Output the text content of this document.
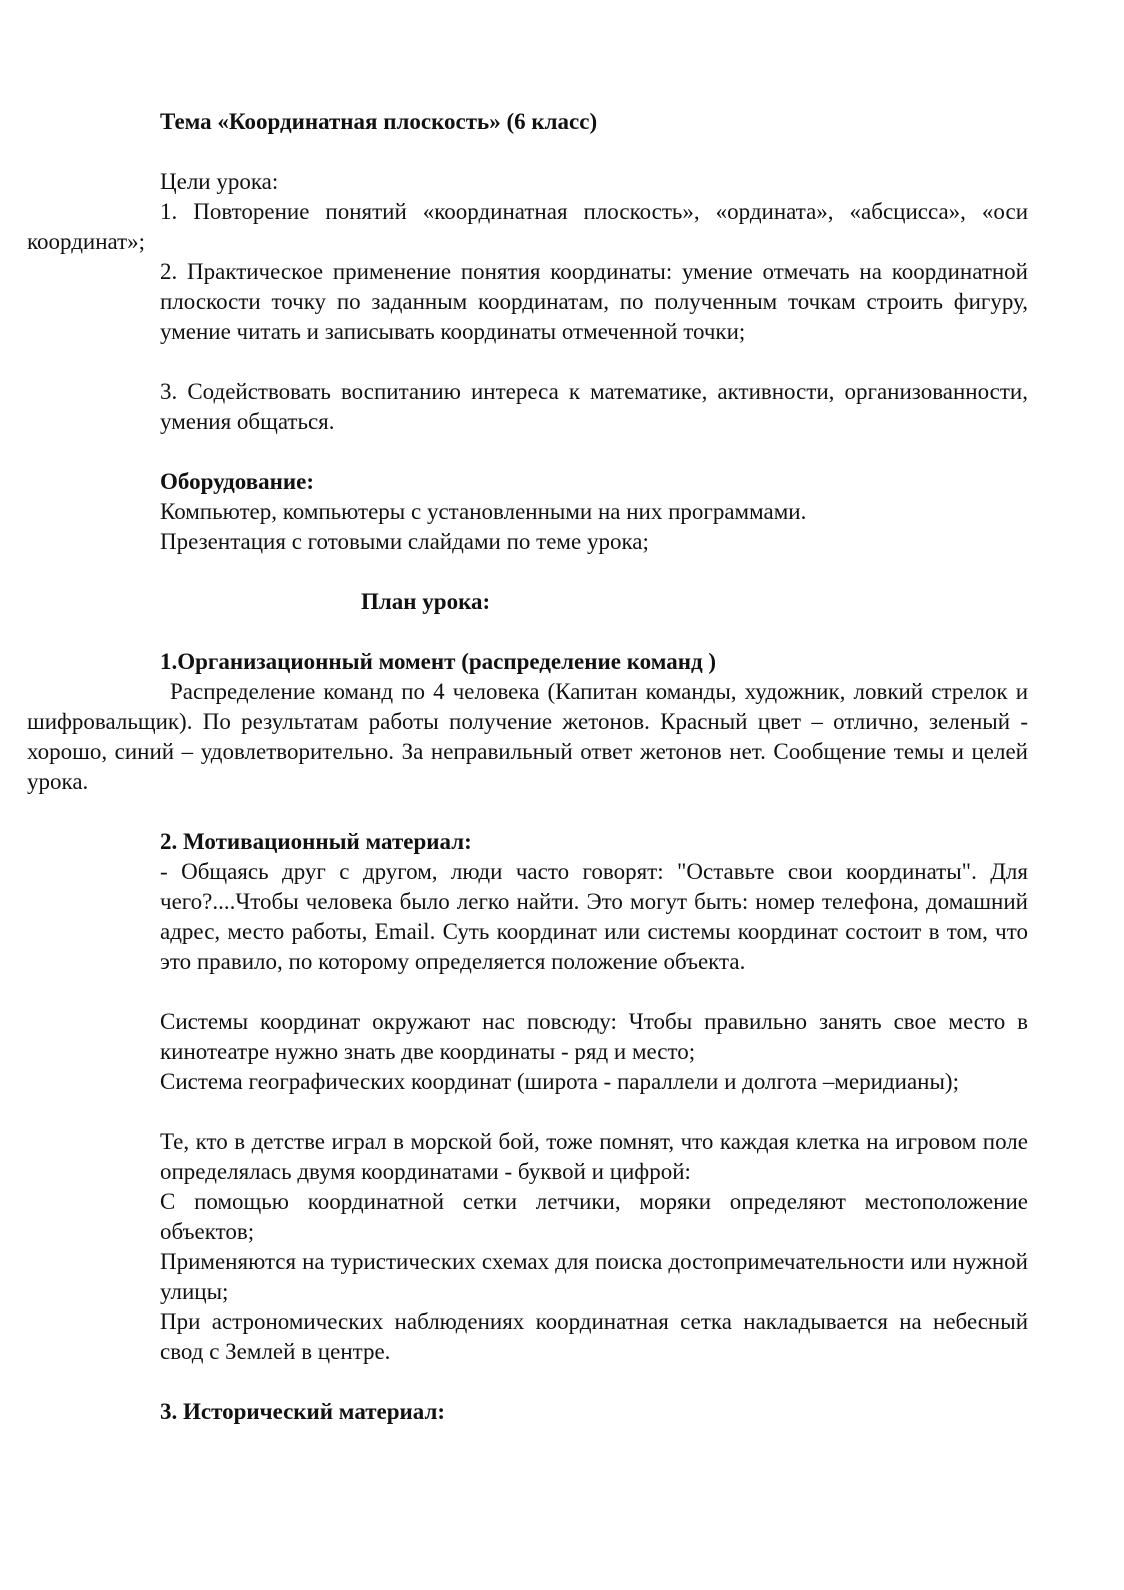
Тема «Координатная плоскость» (6 класс)

Цели урока:

1. Повторение понятий «координатная плоскость», «ордината», «абсцисса», «оси координат»;

2. Практическое применение понятия координаты: умение отмечать на координатной плоскости точку по заданным координатам, по полученным точкам строить фигуру, умение читать и записывать координаты отмеченной точки;

3. Содействовать воспитанию интереса к математике, активности, организованности, умения общаться.

Оборудование:

Компьютер, компьютеры с установленными на них программами.

Презентация с готовыми слайдами по теме урока;

План урока:

1.Организационный момент (распределение команд )

Распределение команд по 4 человека (Капитан команды, художник, ловкий стрелок и шифровальщик). По результатам работы получение жетонов. Красный цвет – отлично, зеленый - хорошо, синий – удовлетворительно. За неправильный ответ жетонов нет. Сообщение темы и целей урока.

2. Мотивационный материал:

- Общаясь друг с другом, люди часто говорят: "Оставьте свои координаты". Для чего?....Чтобы человека было легко найти. Это могут быть: номер телефона, домашний адрес, место работы, Email. Суть координат или системы координат состоит в том, что это правило, по которому определяется положение объекта.

Системы координат окружают нас повсюду: Чтобы правильно занять свое место в кинотеатре нужно знать две координаты - ряд и место;

Система географических координат (широта - параллели и долгота –меридианы);

Те, кто в детстве играл в морской бой, тоже помнят, что каждая клетка на игровом поле определялась двумя координатами - буквой и цифрой:

С помощью координатной сетки летчики, моряки определяют местоположение объектов;

Применяются на туристических схемах для поиска достопримечательности или нужной улицы;

При астрономических наблюдениях координатная сетка накладывается на небесный свод с Землей в центре.

3. Исторический материал:
